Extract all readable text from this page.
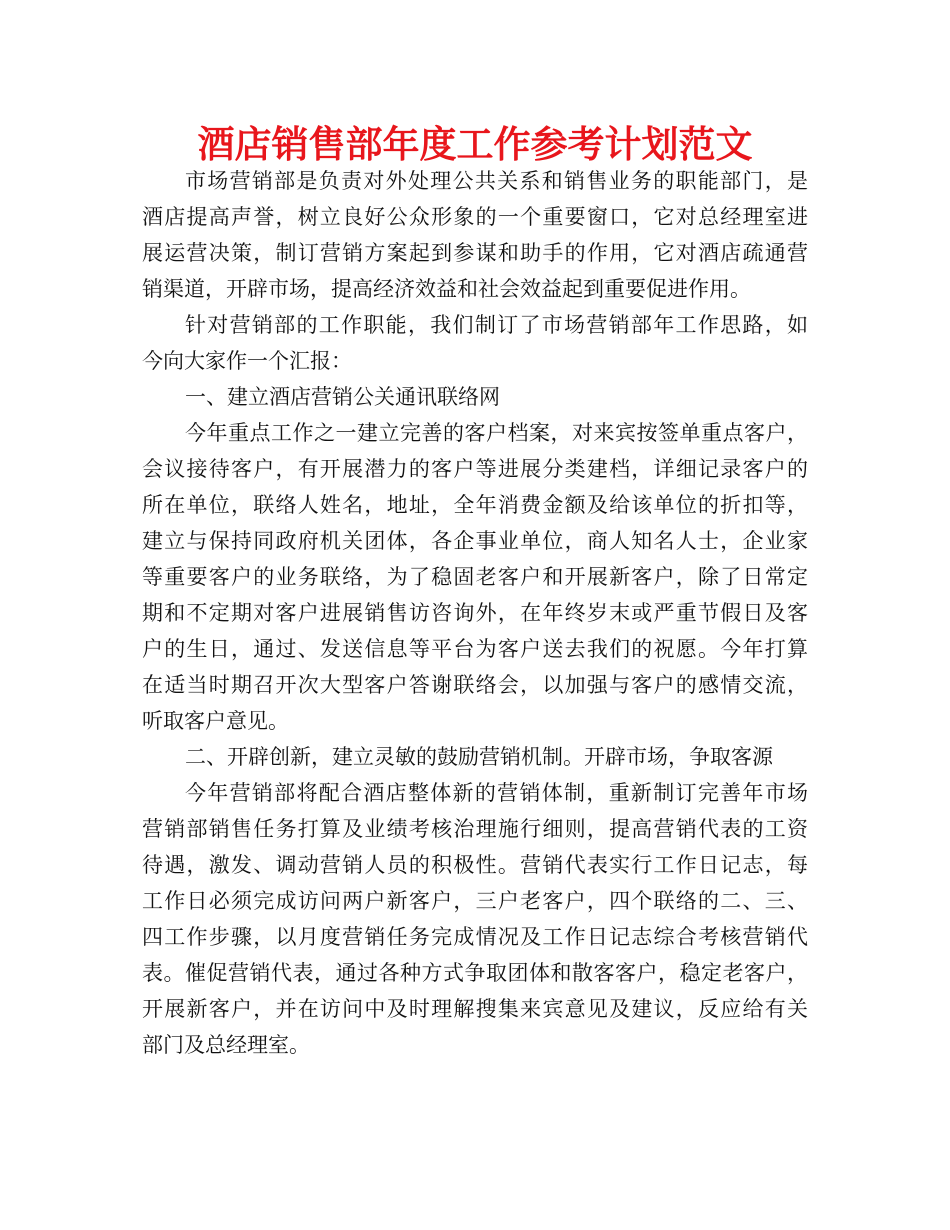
酒店销售部年度工作参考计划范文
市场营销部是负责对外处理公共关系和销售业务的职能部门，是
酒店提高声誉，树立良好公众形象的一个重要窗口，它对总经理室进
展运营决策，制订营销方案起到参谋和助手的作用，它对酒店疏通营
销渠道，开辟市场，提高经济效益和社会效益起到重要促进作用。
针对营销部的工作职能，我们制订了市场营销部年工作思路，如
今向大家作一个汇报：
一、建立酒店营销公关通讯联络网
今年重点工作之一建立完善的客户档案，对来宾按签单重点客户，
会议接待客户，有开展潜力的客户等进展分类建档，详细记录客户的
所在单位，联络人姓名，地址，全年消费金额及给该单位的折扣等，
建立与保持同政府机关团体，各企事业单位，商人知名人士，企业家
等重要客户的业务联络，为了稳固老客户和开展新客户，除了日常定
期和不定期对客户进展销售访咨询外，在年终岁末或严重节假日及客
户的生日，通过、发送信息等平台为客户送去我们的祝愿。今年打算
在适当时期召开次大型客户答谢联络会，以加强与客户的感情交流，
听取客户意见。
二、开辟创新，建立灵敏的鼓励营销机制。开辟市场，争取客源
今年营销部将配合酒店整体新的营销体制，重新制订完善年市场
营销部销售任务打算及业绩考核治理施行细则，提高营销代表的工资
待遇，激发、调动营销人员的积极性。营销代表实行工作日记志，每
工作日必须完成访问两户新客户，三户老客户，四个联络的二、三、
四工作步骤，以月度营销任务完成情况及工作日记志综合考核营销代
表。催促营销代表，通过各种方式争取团体和散客客户，稳定老客户，
开展新客户，并在访问中及时理解搜集来宾意见及建议，反应给有关
部门及总经理室。
